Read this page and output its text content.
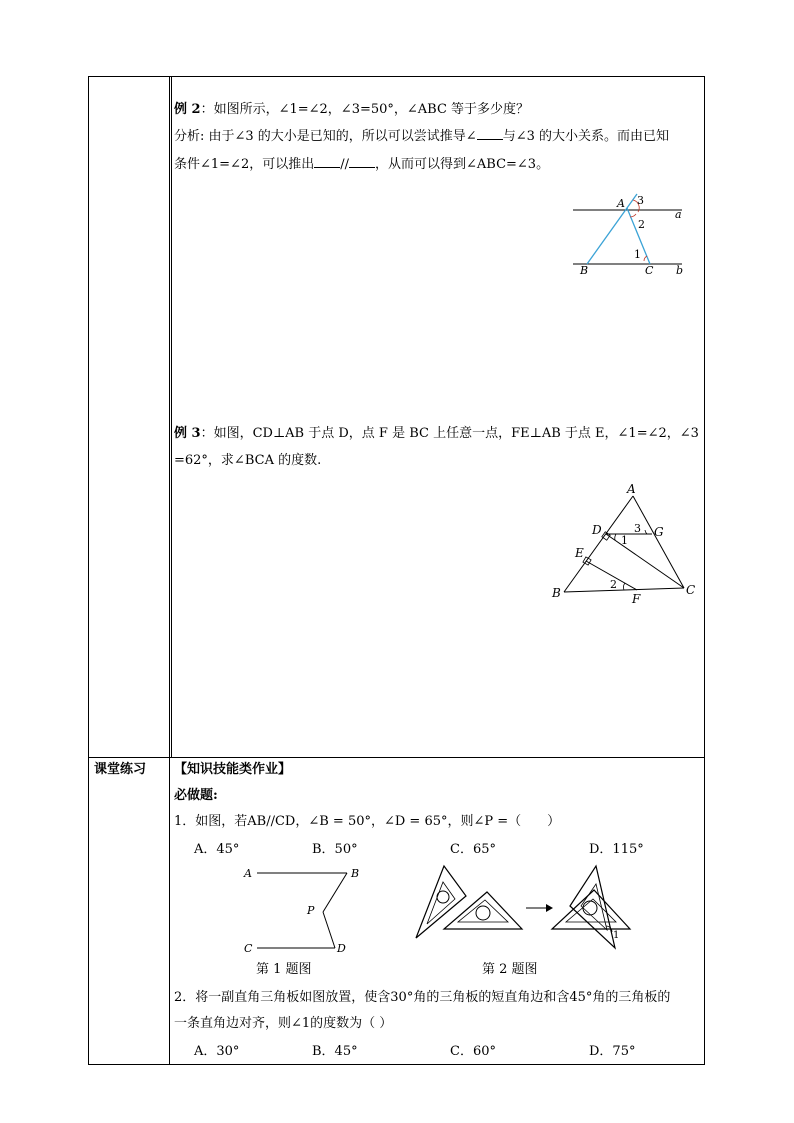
例 2：如图所示，∠1=∠2，∠3=50°，∠ABC 等于多少度？
分析: 由于∠3 的大小是已知的，所以可以尝试推导∠ 与∠3 的大小关系。而由已知
条件∠1=∠2，可以推出 // ，从而可以得到∠ABC=∠3。
A 3
2
a
1
B	C b
例 3：如图，CD⊥AB 于点 D，点 F 是 BC 上任意一点，FE⊥AB 于点 E，∠1=∠2，∠3
=62°，求∠BCA 的度数.
A
D	3 G
1
E
2
B	C
F
课堂练习 【知识技能类作业】
必做题:
1．如图，若AB//CD，∠B = 50°，∠D = 65°，则∠P =（　　）
A．45°	B．50°	C．65°	D．115°
A	B
P
C	D
第 1 题图
1
第 2 题图
2．将一副直角三角板如图放置，使含30°角的三角板的短直角边和含45°角的三角板的
一条直角边对齐，则∠1的度数为（ ）
A．30°	B．45°	C．60°	D．75°
